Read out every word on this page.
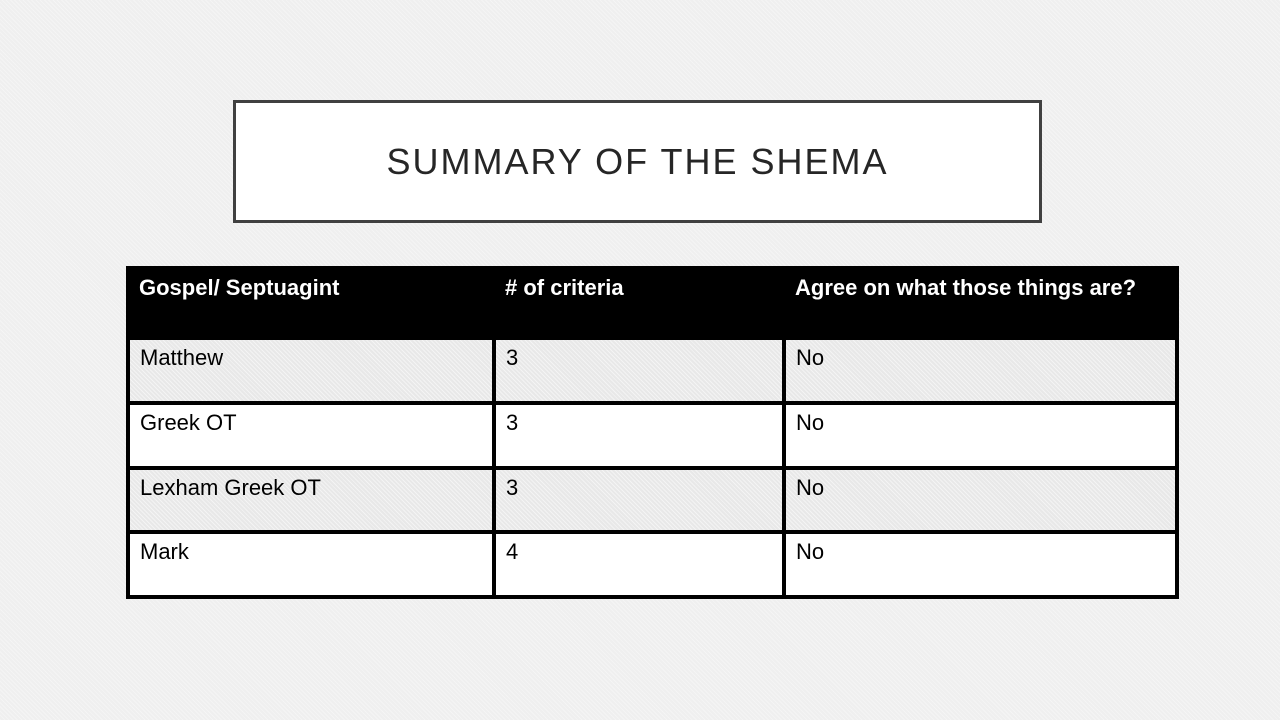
SUMMARY OF THE SHEMA
Gospel/ Septuagint	# of criteria	Agree on what those things are?
Matthew	3	No
Greek OT	3	No
Lexham Greek OT	3	No
Mark	4	No
